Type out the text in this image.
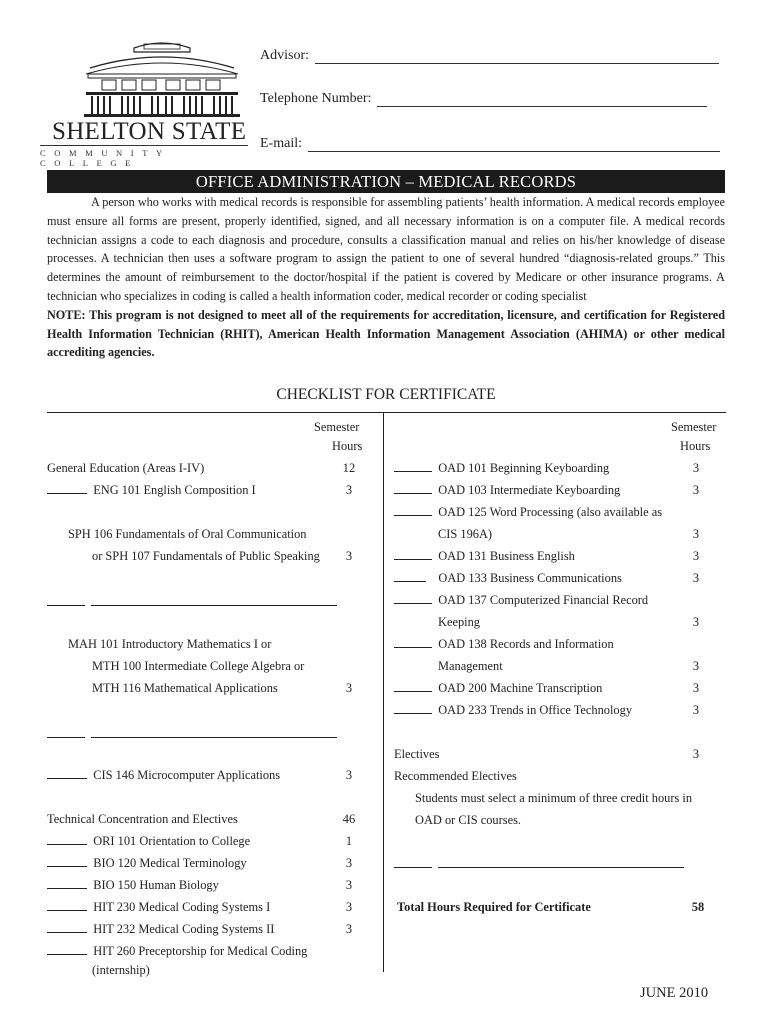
SHELTON STATE
COMMUNITY COLLEGE
Advisor:
Telephone Number:
E-mail:
OFFICE ADMINISTRATION – MEDICAL RECORDS
A person who works with medical records is responsible for assembling patients’ health information. A medical records employee must ensure all forms are present, properly identified, signed, and all necessary information is on a computer file. A medical records technician assigns a code to each diagnosis and procedure, consults a classification manual and relies on his/her knowledge of disease processes. A technician then uses a software program to assign the patient to one of several hundred “diagnosis-related groups.” This determines the amount of reimbursement to the doctor/hospital if the patient is covered by Medicare or other insurance programs. A technician who specializes in coding is called a health information coder, medical recorder or coding specialist
NOTE: This program is not designed to meet all of the requirements for accreditation, licensure, and certification for Registered Health Information Technician (RHIT), American Health Information Management Association (AHIMA) or other medical accrediting agencies.
CHECKLIST FOR CERTIFICATE
Semester
Hours
Semester
Hours
General Education (Areas I-IV)	12
ENG 101 English Composition I	3
SPH 106 Fundamentals of Oral Communication
or SPH 107 Fundamentals of Public Speaking	3

MAH 101 Introductory Mathematics I or
MTH 100 Intermediate College Algebra or
MTH 116 Mathematical Applications	3

CIS 146 Microcomputer Applications	3
Technical Concentration and Electives	46
ORI 101 Orientation to College	1
BIO 120 Medical Terminology	3
BIO 150 Human Biology	3
HIT 230 Medical Coding Systems I	3
HIT 232 Medical Coding Systems II	3
HIT 260 Preceptorship for Medical Coding
(internship)
OAD 101 Beginning Keyboarding	3
OAD 103 Intermediate Keyboarding	3
OAD 125 Word Processing (also available as
CIS 196A)	3
OAD 131 Business English	3
OAD 133 Business Communications	3
OAD 137 Computerized Financial Record
Keeping	3
OAD 138 Records and Information
Management	3
OAD 200 Machine Transcription	3
OAD 233 Trends in Office Technology	3
Electives	3
Recommended Electives
Students must select a minimum of three credit hours in
OAD or CIS courses.

Total Hours Required for Certificate	58
JUNE 2010
